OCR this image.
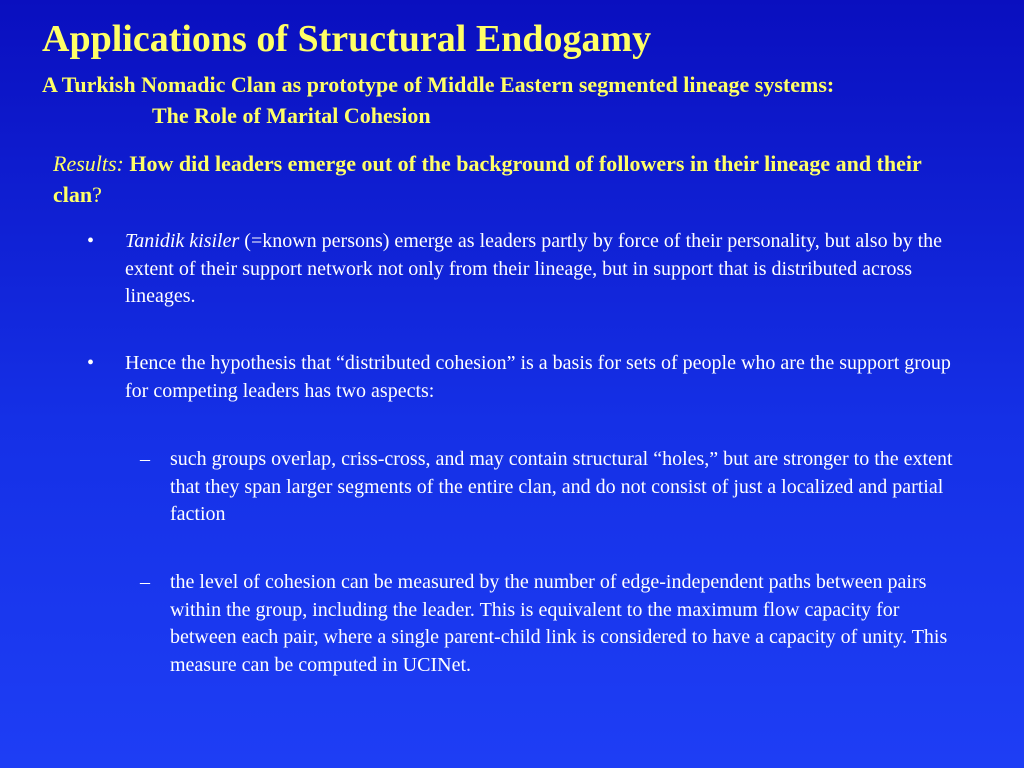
Applications of Structural Endogamy
A Turkish Nomadic Clan as prototype of Middle Eastern segmented lineage systems:
The Role of Marital Cohesion

Results: How did leaders emerge out of the background of followers in their lineage and their clan?

• Tanidik kisiler (=known persons) emerge as leaders partly by force of their personality, but also by the extent of their support network not only from their lineage, but in support that is distributed across lineages.
• Hence the hypothesis that “distributed cohesion” is a basis for sets of people who are the support group for competing leaders has two aspects:
– such groups overlap, criss-cross, and may contain structural “holes,” but are stronger to the extent that they span larger segments of the entire clan, and do not consist of just a localized and partial faction
– the level of cohesion can be measured by the number of edge-independent paths between pairs within the group, including the leader. This is equivalent to the maximum flow capacity for between each pair, where a single parent-child link is considered to have a capacity of unity. This measure can be computed in UCINet.
